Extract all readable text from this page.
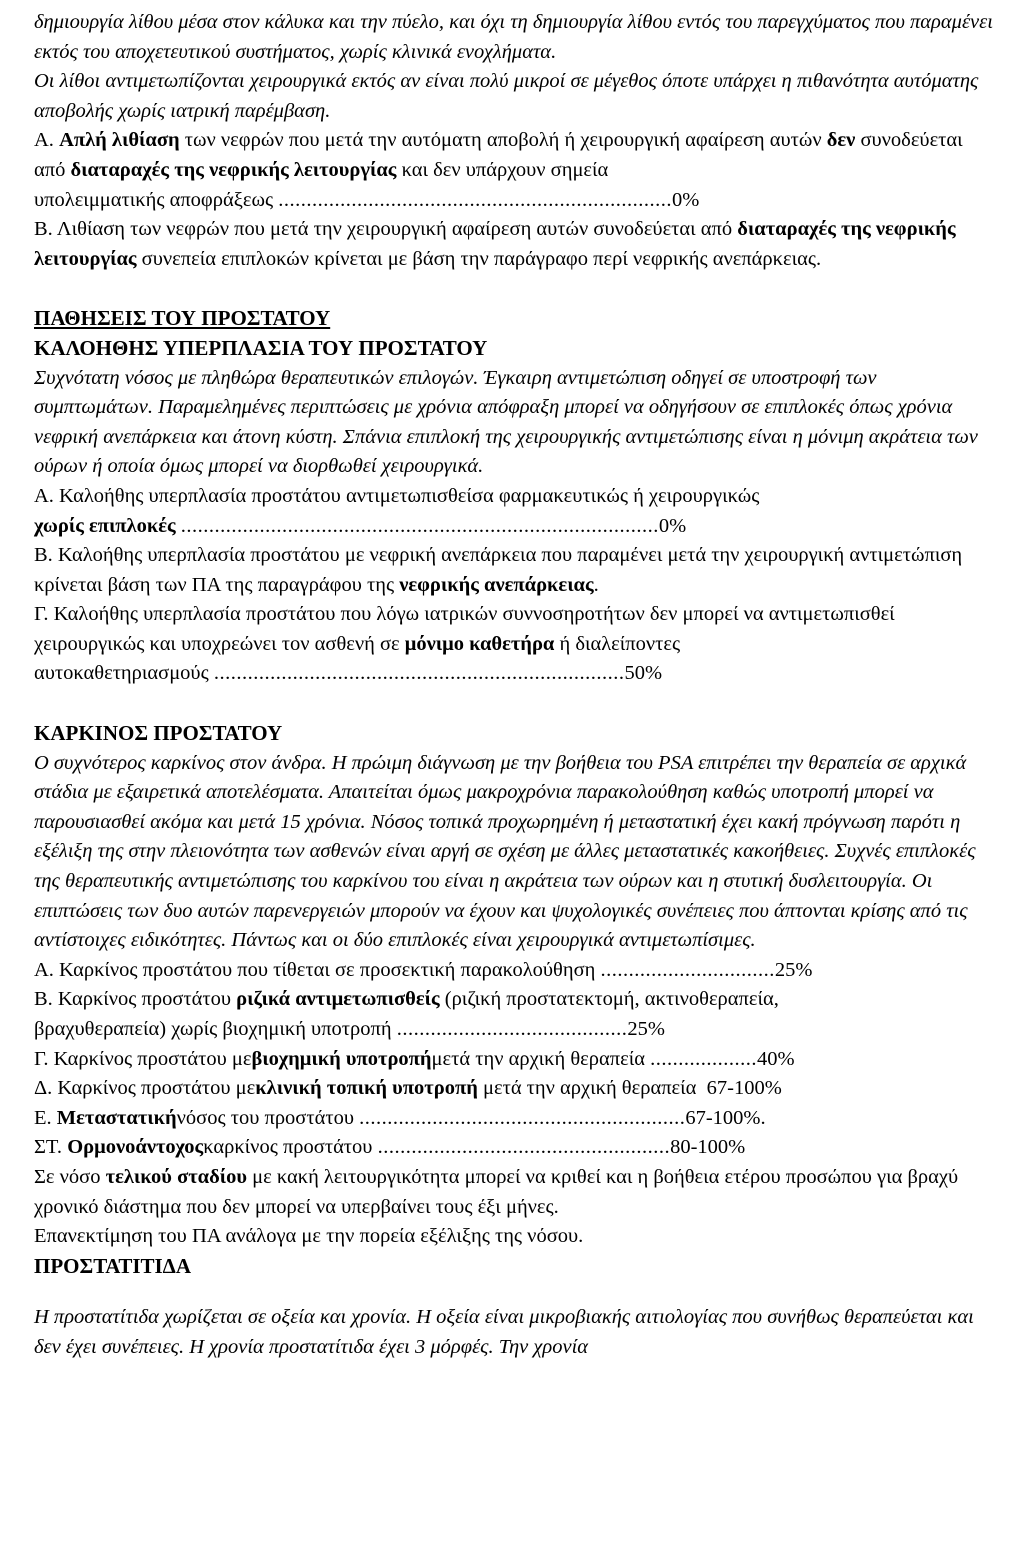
δημιουργία λίθου μέσα στον κάλυκα και την πύελο, και όχι τη δημιουργία λίθου εντός του παρεγχύματος που παραμένει εκτός του αποχετευτικού συστήματος, χωρίς κλινικά ενοχλήματα.

Οι λίθοι αντιμετωπίζονται χειρουργικά εκτός αν είναι πολύ μικροί σε μέγεθος όποτε υπάρχει η πιθανότητα αυτόματης αποβολής χωρίς ιατρική παρέμβαση.

Α. Απλή λιθίαση των νεφρών που μετά την αυτόματη αποβολή ή χειρουργική αφαίρεση αυτών δεν συνοδεύεται από διαταραχές της νεφρικής λειτουργίας και δεν υπάρχουν σημεία

υπολειμματικής αποφράξεως
...................................................................... 0%

Β. Λιθίαση των νεφρών που μετά την χειρουργική αφαίρεση αυτών συνοδεύεται από διαταραχές της νεφρικής λειτουργίας συνεπεία επιπλοκών κρίνεται με βάση την παράγραφο περί νεφρικής ανεπάρκειας.

ΠΑΘΗΣΕΙΣ ΤΟΥ ΠΡΟΣΤΑΤΟΥ

ΚΑΛΟΗΘΗΣ ΥΠΕΡΠΛΑΣΙΑ ΤΟΥ ΠΡΟΣΤΑΤΟΥ

Συχνότατη νόσος με πληθώρα θεραπευτικών επιλογών. Έγκαιρη αντιμετώπιση οδηγεί σε υποστροφή των συμπτωμάτων. Παραμελημένες περιπτώσεις με χρόνια απόφραξη μπορεί να οδηγήσουν σε επιπλοκές όπως χρόνια νεφρική ανεπάρκεια και άτονη κύστη. Σπάνια επιπλοκή της χειρουργικής αντιμετώπισης είναι η μόνιμη ακράτεια των ούρων ή οποία όμως μπορεί να διορθωθεί χειρουργικά.

Α. Καλοήθης υπερπλασία προστάτου αντιμετωπισθείσα φαρμακευτικώς ή χειρουργικώς

χωρίς επιπλοκές
..................................................................................... 0%

Β. Καλοήθης υπερπλασία προστάτου με νεφρική ανεπάρκεια που παραμένει μετά την χειρουργική αντιμετώπιση κρίνεται βάση των ΠΑ της παραγράφου της νεφρικής ανεπάρκειας.

Γ. Καλοήθης υπερπλασία προστάτου που λόγω ιατρικών συννοσηροτήτων δεν μπορεί να αντιμετωπισθεί χειρουργικώς και υποχρεώνει τον ασθενή σε μόνιμο καθετήρα ή διαλείποντες

αυτοκαθετηριασμούς
......................................................................... 50%

ΚΑΡΚΙΝΟΣ ΠΡΟΣΤΑΤΟΥ

Ο συχνότερος καρκίνος στον άνδρα. Η πρώιμη διάγνωση με την βοήθεια του PSA επιτρέπει την θεραπεία σε αρχικά στάδια με εξαιρετικά αποτελέσματα. Απαιτείται όμως μακροχρόνια παρακολούθηση καθώς υποτροπή μπορεί να παρουσιασθεί ακόμα και μετά 15 χρόνια. Νόσος τοπικά προχωρημένη ή μεταστατική έχει κακή πρόγνωση παρότι η εξέλιξη της στην πλειονότητα των ασθενών είναι αργή σε σχέση με άλλες μεταστατικές κακοήθειες. Συχνές επιπλοκές της θεραπευτικής αντιμετώπισης του καρκίνου του είναι η ακράτεια των ούρων και η στυτική δυσλειτουργία. Οι επιπτώσεις των δυο αυτών παρενεργειών μπορούν να έχουν και ψυχολογικές συνέπειες που άπτονται κρίσης από τις αντίστοιχες ειδικότητες. Πάντως και οι δύο επιπλοκές είναι χειρουργικά αντιμετωπίσιμες.

Α. Καρκίνος προστάτου που τίθεται σε προσεκτική παρακολούθηση
............................... 25%

Β. Καρκίνος προστάτου ριζικά αντιμετωπισθείς (ριζική προστατεκτομή, ακτινοθεραπεία,

βραχυθεραπεία) χωρίς βιοχημική υποτροπή
......................................... 25%
Γ. Καρκίνος προστάτου με βιοχημική υποτροπή μετά την αρχική θεραπεία
................... 40%
Δ. Καρκίνος προστάτου με κλινική τοπική υποτροπή μετά την αρχική θεραπεία  67-100%
Ε. Μεταστατική νόσος του προστάτου
.......................................................... 67-100%.
ΣΤ. Ορμονοάντοχος καρκίνος προστάτου
.................................................... 80-100%

Σε νόσο τελικού σταδίου με κακή λειτουργικότητα μπορεί να κριθεί και η βοήθεια ετέρου προσώπου για βραχύ χρονικό διάστημα που δεν μπορεί να υπερβαίνει τους έξι μήνες.

Επανεκτίμηση του ΠΑ ανάλογα με την πορεία εξέλιξης της νόσου.

ΠΡΟΣΤΑΤΙΤΙΔΑ

Η προστατίτιδα χωρίζεται σε οξεία και χρονία. Η οξεία είναι μικροβιακής αιτιολογίας που συνήθως θεραπεύεται και δεν έχει συνέπειες. Η χρονία προστατίτιδα έχει 3 μόρφές. Την χρονία
